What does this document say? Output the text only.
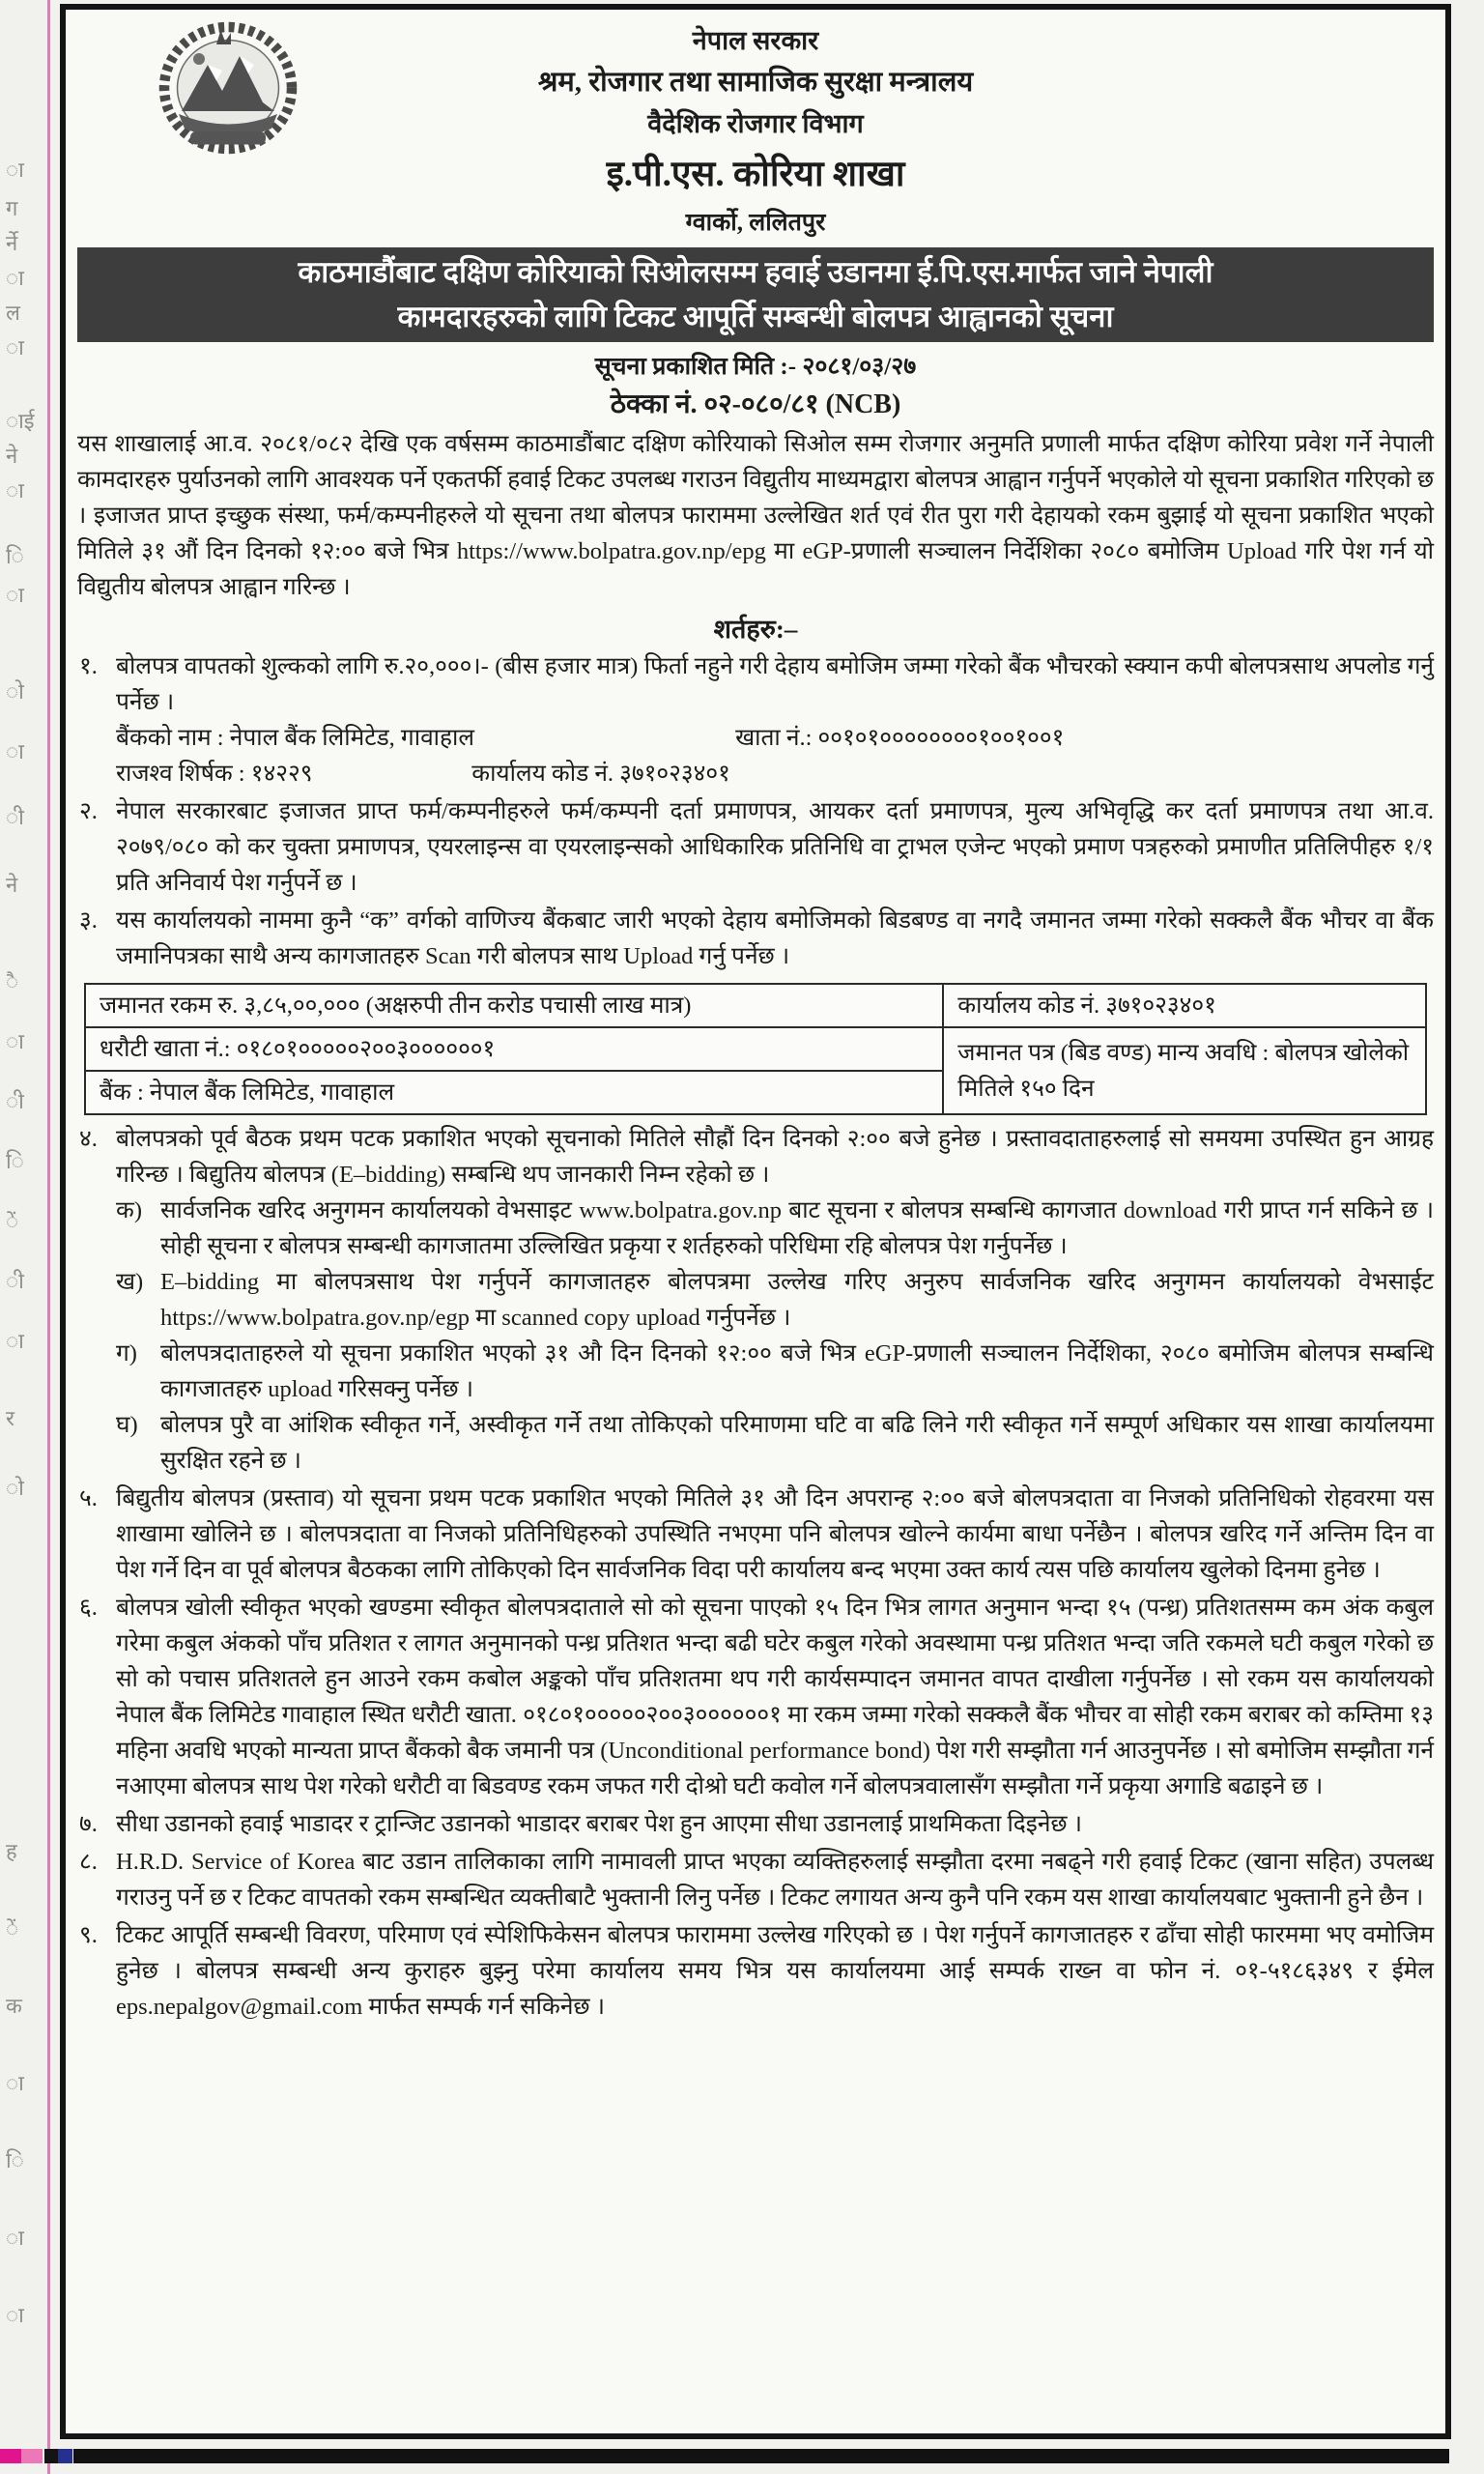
ा
ग
र्ने
ा
ल
ा
ाई
ने
ा
ि
ा
ो
ा
ी
ने
ै
ा
ी
ि
ें
ी
ा
र
ो
ह
ें
क
ा
ि
ा
ा
नेपाल सरकार
श्रम, रोजगार तथा सामाजिक सुरक्षा मन्त्रालय
वैदेशिक रोजगार विभाग
इ.पी.एस. कोरिया शाखा
ग्वार्को, ललितपुर
काठमाडौंबाट दक्षिण कोरियाको सिओलसम्म हवाई उडानमा ई.पि.एस.मार्फत जाने नेपाली
कामदारहरुको लागि टिकट आपूर्ति सम्बन्धी बोलपत्र आह्वानको सूचना
सूचना प्रकाशित मिति :- २०८१/०३/२७
ठेक्का नं. ०२-०८०/८१ (NCB)
यस शाखालाई आ.व. २०८१/०८२ देखि एक वर्षसम्म काठमाडौंबाट दक्षिण कोरियाको सिओल सम्म रोजगार अनुमति प्रणाली मार्फत दक्षिण कोरिया प्रवेश गर्ने नेपाली कामदारहरु पुर्याउनको लागि आवश्यक पर्ने एकतर्फी हवाई टिकट उपलब्ध गराउन विद्युतीय माध्यमद्वारा बोलपत्र आह्वान गर्नुपर्ने भएकोले यो सूचना प्रकाशित गरिएको छ । इजाजत प्राप्त इच्छुक संस्था, फर्म/कम्पनीहरुले यो सूचना तथा बोलपत्र फाराममा उल्लेखित शर्त एवं रीत पुरा गरी देहायको रकम बुझाई यो सूचना प्रकाशित भएको मितिले ३१ औं दिन दिनको १२:०० बजे भित्र https://www.bolpatra.gov.np/epg मा eGP-प्रणाली सञ्चालन निर्देशिका २०८० बमोजिम Upload गरि पेश गर्न यो विद्युतीय बोलपत्र आह्वान गरिन्छ ।
शर्तहरु:–
१. बोलपत्र वापतको शुल्कको लागि रु.२०,०००।- (बीस हजार मात्र) फिर्ता नहुने गरी देहाय बमोजिम जम्मा गरेको बैंक भौचरको स्क्यान कपी बोलपत्रसाथ अपलोड गर्नु पर्नेछ ।
बैंकको नाम : नेपाल बैंक लिमिटेड, गावाहाल	खाता नं.: ००१०१००००००००१००१००१
राजश्व शिर्षक : १४२२९	कार्यालय कोड नं. ३७१०२३४०१
२. नेपाल सरकारबाट इजाजत प्राप्त फर्म/कम्पनीहरुले फर्म/कम्पनी दर्ता प्रमाणपत्र, आयकर दर्ता प्रमाणपत्र, मुल्य अभिवृद्धि कर दर्ता प्रमाणपत्र तथा आ.व. २०७९/०८० को कर चुक्ता प्रमाणपत्र, एयरलाइन्स वा एयरलाइन्सको आधिकारिक प्रतिनिधि वा ट्राभल एजेन्ट भएको प्रमाण पत्रहरुको प्रमाणीत प्रतिलिपीहरु १/१ प्रति अनिवार्य पेश गर्नुपर्ने छ ।
३. यस कार्यालयको नाममा कुनै “क” वर्गको वाणिज्य बैंकबाट जारी भएको देहाय बमोजिमको बिडबण्ड वा नगदै जमानत जम्मा गरेको सक्कलै बैंक भौचर वा बैंक जमानिपत्रका साथै अन्य कागजातहरु Scan गरी बोलपत्र साथ Upload गर्नु पर्नेछ ।
जमानत रकम रु. ३,८५,००,००० (अक्षरुपी तीन करोड पचासी लाख मात्र)	कार्यालय कोड नं. ३७१०२३४०१
धरौटी खाता नं.: ०१८०१०००००२००३००००००१	जमानत पत्र (बिड वण्ड) मान्य अवधि : बोलपत्र खोलेको मितिले १५० दिन
बैंक : नेपाल बैंक लिमिटेड, गावाहाल	
४. बोलपत्रको पूर्व बैठक प्रथम पटक प्रकाशित भएको सूचनाको मितिले सौह्रौं दिन दिनको २:०० बजे हुनेछ । प्रस्तावदाताहरुलाई सो समयमा उपस्थित हुन आग्रह गरिन्छ । बिद्युतिय बोलपत्र (E–bidding) सम्बन्धि थप जानकारी निम्न रहेको छ ।
क) सार्वजनिक खरिद अनुगमन कार्यालयको वेभसाइट www.bolpatra.gov.np बाट सूचना र बोलपत्र सम्बन्धि कागजात download गरी प्राप्त गर्न सकिने छ । सोही सूचना र बोलपत्र सम्बन्धी कागजातमा उल्लिखित प्रकृया र शर्तहरुको परिधिमा रहि बोलपत्र पेश गर्नुपर्नेछ ।
ख) E–bidding मा बोलपत्रसाथ पेश गर्नुपर्ने कागजातहरु बोलपत्रमा उल्लेख गरिए अनुरुप सार्वजनिक खरिद अनुगमन कार्यालयको वेभसाईट https://www.bolpatra.gov.np/egp मा scanned copy upload गर्नुपर्नेछ ।
ग) बोलपत्रदाताहरुले यो सूचना प्रकाशित भएको ३१ औ दिन दिनको १२:०० बजे भित्र eGP-प्रणाली सञ्चालन निर्देशिका, २०८० बमोजिम बोलपत्र सम्बन्धि कागजातहरु upload गरिसक्नु पर्नेछ ।
घ) बोलपत्र पुरै वा आंशिक स्वीकृत गर्ने, अस्वीकृत गर्ने तथा तोकिएको परिमाणमा घटि वा बढि लिने गरी स्वीकृत गर्ने सम्पूर्ण अधिकार यस शाखा कार्यालयमा सुरक्षित रहने छ ।
५. बिद्युतीय बोलपत्र (प्रस्ताव) यो सूचना प्रथम पटक प्रकाशित भएको मितिले ३१ औ दिन अपरान्ह २:०० बजे बोलपत्रदाता वा निजको प्रतिनिधिको रोहवरमा यस शाखामा खोलिने छ । बोलपत्रदाता वा निजको प्रतिनिधिहरुको उपस्थिति नभएमा पनि बोलपत्र खोल्ने कार्यमा बाधा पर्नेछैन । बोलपत्र खरिद गर्ने अन्तिम दिन वा पेश गर्ने दिन वा पूर्व बोलपत्र बैठकका लागि तोकिएको दिन सार्वजनिक विदा परी कार्यालय बन्द भएमा उक्त कार्य त्यस पछि कार्यालय खुलेको दिनमा हुनेछ ।
६. बोलपत्र खोली स्वीकृत भएको खण्डमा स्वीकृत बोलपत्रदाताले सो को सूचना पाएको १५ दिन भित्र लागत अनुमान भन्दा १५ (पन्ध्र) प्रतिशतसम्म कम अंक कबुल गरेमा कबुल अंकको पाँच प्रतिशत र लागत अनुमानको पन्ध्र प्रतिशत भन्दा बढी घटेर कबुल गरेको अवस्थामा पन्ध्र प्रतिशत भन्दा जति रकमले घटी कबुल गरेको छ सो को पचास प्रतिशतले हुन आउने रकम कबोल अङ्कको पाँच प्रतिशतमा थप गरी कार्यसम्पादन जमानत वापत दाखीला गर्नुपर्नेछ । सो रकम यस कार्यालयको नेपाल बैंक लिमिटेड गावाहाल स्थित धरौटी खाता. ०१८०१०००००२००३००००००१ मा रकम जम्मा गरेको सक्कलै बैंक भौचर वा सोही रकम बराबर को कम्तिमा १३ महिना अवधि भएको मान्यता प्राप्त बैंकको बैक जमानी पत्र (Unconditional performance bond) पेश गरी सम्झौता गर्न आउनुपर्नेछ । सो बमोजिम सम्झौता गर्न नआएमा बोलपत्र साथ पेश गरेको धरौटी वा बिडवण्ड रकम जफत गरी दोश्रो घटी कवोल गर्ने बोलपत्रवालासँग सम्झौता गर्ने प्रकृया अगाडि बढाइने छ ।
७. सीधा उडानको हवाई भाडादर र ट्रान्जिट उडानको भाडादर बराबर पेश हुन आएमा सीधा उडानलाई प्राथमिकता दिइनेछ ।
८. H.R.D. Service of Korea बाट उडान तालिकाका लागि नामावली प्राप्त भएका व्यक्तिहरुलाई सम्झौता दरमा नबढ्ने गरी हवाई टिकट (खाना सहित) उपलब्ध गराउनु पर्ने छ र टिकट वापतको रकम सम्बन्धित व्यक्तीबाटै भुक्तानी लिनु पर्नेछ । टिकट लगायत अन्य कुनै पनि रकम यस शाखा कार्यालयबाट भुक्तानी हुने छैन ।
९. टिकट आपूर्ति सम्बन्धी विवरण, परिमाण एवं स्पेशिफिकेसन बोलपत्र फाराममा उल्लेख गरिएको छ । पेश गर्नुपर्ने कागजातहरु र ढाँचा सोही फारममा भए वमोजिम हुनेछ । बोलपत्र सम्बन्धी अन्य कुराहरु बुझ्नु परेमा कार्यालय समय भित्र यस कार्यालयमा आई सम्पर्क राख्न वा फोन नं. ०१-५१८६३४९ र ईमेल eps.nepalgov@gmail.com मार्फत सम्पर्क गर्न सकिनेछ ।
